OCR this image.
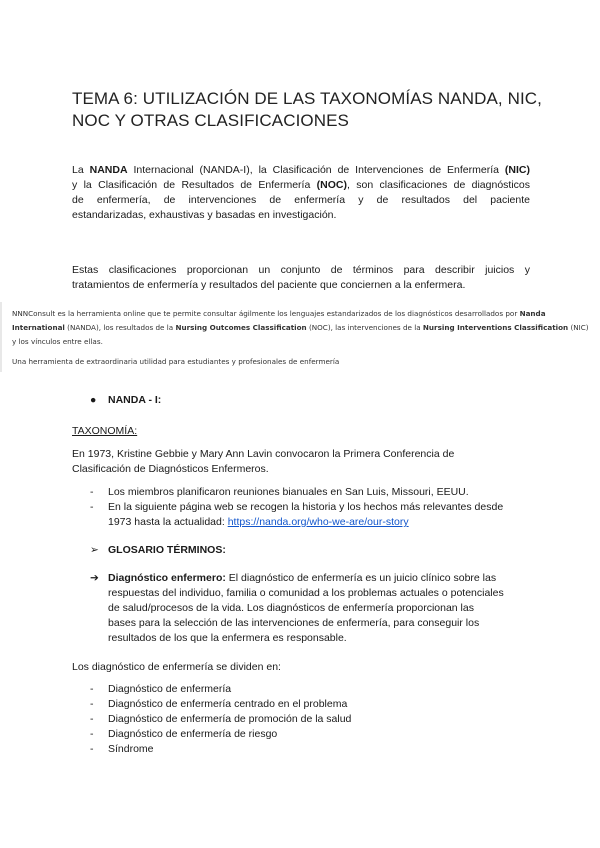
TEMA 6: UTILIZACIÓN DE LAS TAXONOMÍAS NANDA, NIC,
NOC Y OTRAS CLASIFICACIONES
La NANDA Internacional (NANDA-I), la Clasificación de Intervenciones de Enfermería (NIC)
y la Clasificación de Resultados de Enfermería (NOC), son clasificaciones de diagnósticos
de enfermería, de intervenciones de enfermería y de resultados del paciente
estandarizadas, exhaustivas y basadas en investigación.
Estas clasificaciones proporcionan un conjunto de términos para describir juicios y
tratamientos de enfermería y resultados del paciente que conciernen a la enfermera.
NNNConsult es la herramienta online que te permite consultar ágilmente los lenguajes estandarizados de los diagnósticos desarrollados por Nanda
International (NANDA), los resultados de la Nursing Outcomes Classification (NOC), las intervenciones de la Nursing Interventions Classification (NIC)
y los vínculos entre ellas.
Una herramienta de extraordinaria utilidad para estudiantes y profesionales de enfermería
● NANDA - I:
TAXONOMÍA:
En 1973, Kristine Gebbie y Mary Ann Lavin convocaron la Primera Conferencia de
Clasificación de Diagnósticos Enfermeros.
- Los miembros planificaron reuniones bianuales en San Luis, Missouri, EEUU.
- En la siguiente página web se recogen la historia y los hechos más relevantes desde
1973 hasta la actualidad: https://nanda.org/who-we-are/our-story
➢ GLOSARIO TÉRMINOS:
➔ Diagnóstico enfermero: El diagnóstico de enfermería es un juicio clínico sobre las
respuestas del individuo, familia o comunidad a los problemas actuales o potenciales
de salud/procesos de la vida. Los diagnósticos de enfermería proporcionan las
bases para la selección de las intervenciones de enfermería, para conseguir los
resultados de los que la enfermera es responsable.
Los diagnóstico de enfermería se dividen en:
- Diagnóstico de enfermería
- Diagnóstico de enfermería centrado en el problema
- Diagnóstico de enfermería de promoción de la salud
- Diagnóstico de enfermería de riesgo
- Síndrome
